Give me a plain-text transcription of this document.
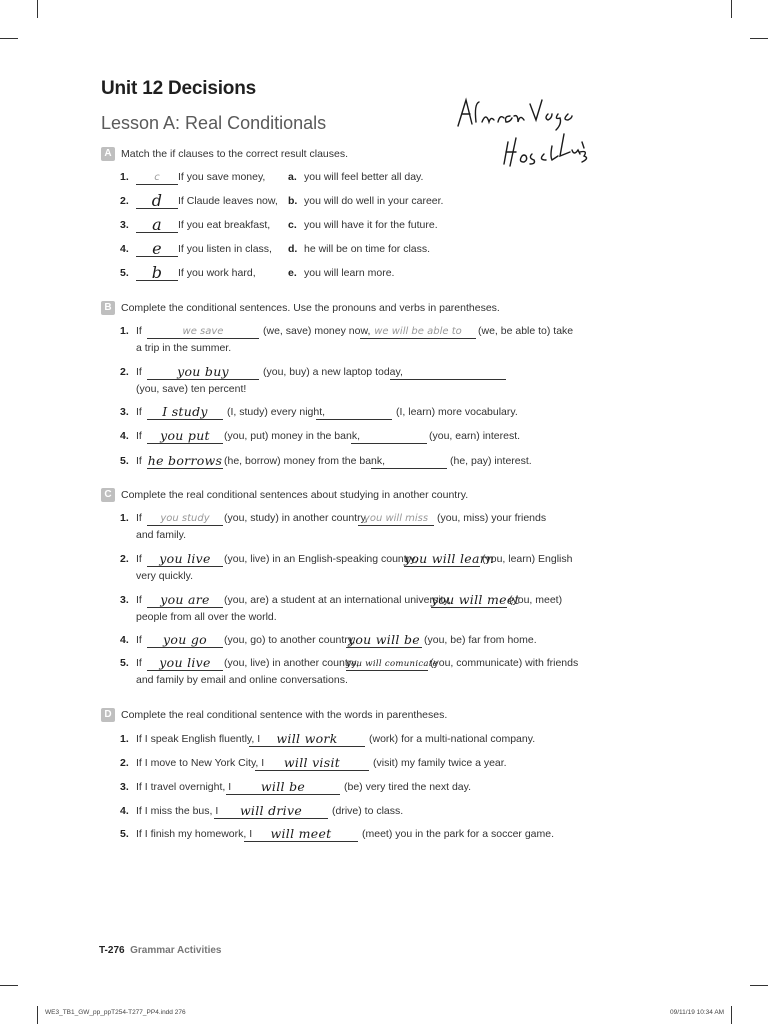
Unit 12 Decisions
Lesson A: Real Conditionals
A Match the if clauses to the correct result clauses.
1.	c	If you save money, a. you will feel better all day.
2.	d	If Claude leaves now, b. you will do well in your career.
3.	a	If you eat breakfast, c. you will have it for the future.
4.	e	If you listen in class, d. he will be on time for class.
5.	b	If you work hard,	e. you will learn more.
B Complete the conditional sentences. Use the pronouns and verbs in parentheses.
1. If	we save	(we, save) money now, we will be able to	(we, be able to) take
a trip in the summer.
2. If	you buy	(you, buy) a new laptop today,
(you, save) ten percent!
3. If	I study	(I, study) every night,	(I, learn) more vocabulary.
4. If	you put	(you, put) money in the bank,	(you, earn) interest.
5. If he borrows (he, borrow) money from the bank,	(he, pay) interest.
C Complete the real conditional sentences about studying in another country.
1. If	you study	(you, study) in another country,
you will miss (you, miss) your friends
and family.
2. If	you live	(you, live) in an English-speaking country,
you will learn
(you, learn) English
very quickly.
3. If	you are	(you, are) a student at an international university,
you will meet
(you, meet)
people from all over the world.
4. If	you go	(you, go) to another country,
you will be (you, be) far from home.
5. If	you live	(you, live) in another country,
you will comunicate
(you, communicate) with friends
and family by email and online conversations.
D Complete the real conditional sentence with the words in parentheses.
1. If I speak English fluently, I	will work	(work) for a multi-national company.
2. If I move to New York City, I	will visit	(visit) my family twice a year.
3. If I travel overnight, I	will be	(be) very tired the next day.
4. If I miss the bus, I	will drive	(drive) to class.
5. If I finish my homework, I	will meet	(meet) you in the park for a soccer game.
T-276 Grammar Activities
WE3_TB1_GW_pp_ppT254-T277_PP4.indd 276	09/11/19 10:34 AM
